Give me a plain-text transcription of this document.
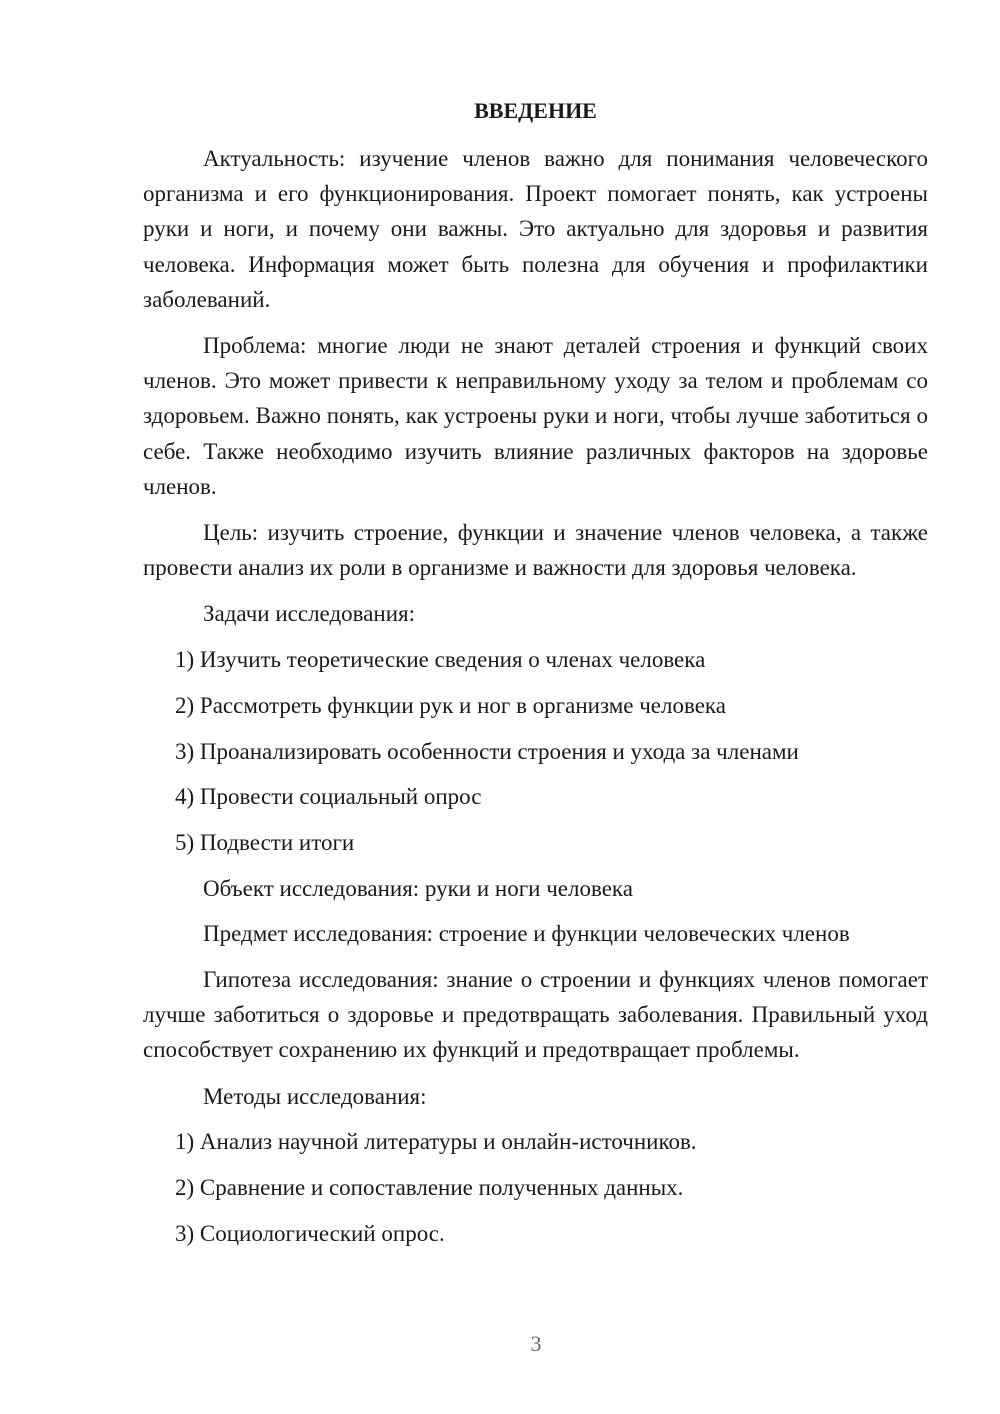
ВВЕДЕНИЕ

Актуальность: изучение членов важно для понимания человеческого организма и его функционирования. Проект помогает понять, как устроены руки и ноги, и почему они важны. Это актуально для здоровья и развития человека. Информация может быть полезна для обучения и профилактики заболеваний.

Проблема: многие люди не знают деталей строения и функций своих членов. Это может привести к неправильному уходу за телом и проблемам со здоровьем. Важно понять, как устроены руки и ноги, чтобы лучше заботиться о себе. Также необходимо изучить влияние различных факторов на здоровье членов.

Цель: изучить строение, функции и значение членов человека, а также провести анализ их роли в организме и важности для здоровья человека.

Задачи исследования:
1) Изучить теоретические сведения о членах человека
2) Рассмотреть функции рук и ног в организме человека
3) Проанализировать особенности строения и ухода за членами
4) Провести социальный опрос
5) Подвести итоги
Объект исследования: руки и ноги человека
Предмет исследования: строение и функции человеческих членов

Гипотеза исследования: знание о строении и функциях членов помогает лучше заботиться о здоровье и предотвращать заболевания. Правильный уход способствует сохранению их функций и предотвращает проблемы.

Методы исследования:
1) Анализ научной литературы и онлайн-источников.
2) Сравнение и сопоставление полученных данных.
3) Социологический опрос.
3
